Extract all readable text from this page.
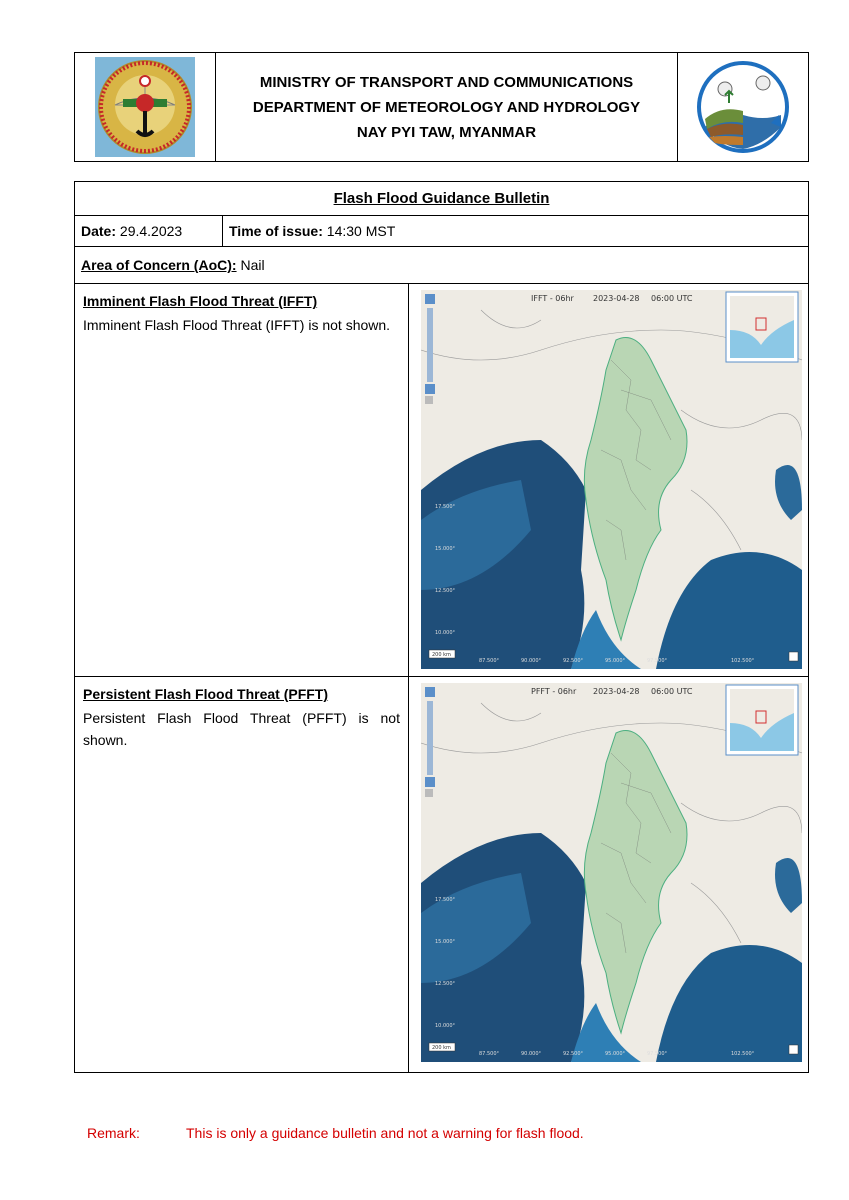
MINISTRY OF TRANSPORT AND COMMUNICATIONS
DEPARTMENT OF METEOROLOGY AND HYDROLOGY
NAY PYI TAW, MYANMAR
Flash Flood Guidance Bulletin
Date:
29.4.2023	Time of issue:
14:30 MST
Area of Concern (AoC):
Nail
Imminent Flash Flood Threat (IFFT)

Imminent Flash Flood Threat (IFFT) is not shown.

IFFT - 06hr 2023-04-28 06:00 UTC
17.500°
15.000°
12.500°
10.000°
87.500°	90.000°	92.500°	95.000°	97.500°	102.500°
200 km
Persistent Flash Flood Threat (PFFT)

Persistent Flash Flood Threat (PFFT) is not shown.

PFFT - 06hr 2023-04-28 06:00 UTC
17.500°
15.000°
12.500°
10.000°
87.500°	90.000°	92.500°	95.000°	97.500°	102.500°
200 km
Remark:	This is only a guidance bulletin and not a warning for flash flood.
